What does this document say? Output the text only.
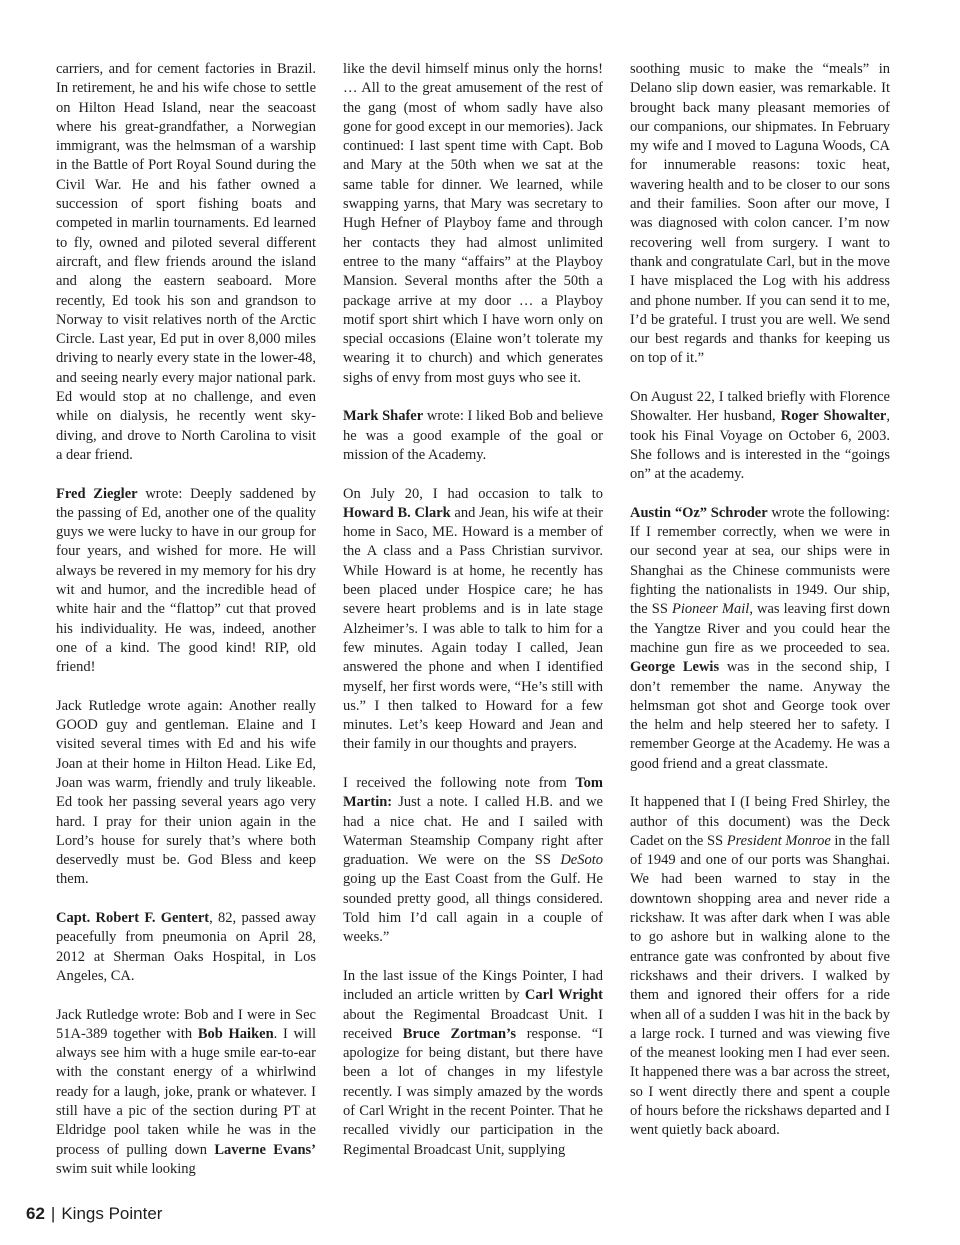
carriers, and for cement factories in Brazil. In retirement, he and his wife chose to settle on Hilton Head Island, near the seacoast where his great-grandfather, a Norwegian immigrant, was the helmsman of a warship in the Battle of Port Royal Sound during the Civil War. He and his father owned a succession of sport fishing boats and competed in marlin tournaments. Ed learned to fly, owned and piloted several different aircraft, and flew friends around the island and along the eastern seaboard. More recently, Ed took his son and grandson to Norway to visit relatives north of the Arctic Circle. Last year, Ed put in over 8,000 miles driving to nearly every state in the lower-48, and seeing nearly every major national park. Ed would stop at no challenge, and even while on dialysis, he recently went sky-diving, and drove to North Carolina to visit a dear friend.

Fred Ziegler wrote: Deeply saddened by the passing of Ed, another one of the quality guys we were lucky to have in our group for four years, and wished for more. He will always be revered in my memory for his dry wit and humor, and the incredible head of white hair and the “flattop” cut that proved his individuality. He was, indeed, another one of a kind. The good kind! RIP, old friend!

Jack Rutledge wrote again: Another really GOOD guy and gentleman. Elaine and I visited several times with Ed and his wife Joan at their home in Hilton Head. Like Ed, Joan was warm, friendly and truly likeable. Ed took her passing several years ago very hard. I pray for their union again in the Lord’s house for surely that’s where both deservedly must be. God Bless and keep them.

Capt. Robert F. Gentert, 82, passed away peacefully from pneumonia on April 28, 2012 at Sherman Oaks Hospital, in Los Angeles, CA.

Jack Rutledge wrote: Bob and I were in Sec 51A-389 together with Bob Haiken. I will always see him with a huge smile ear-to-ear with the constant energy of a whirlwind ready for a laugh, joke, prank or whatever. I still have a pic of the section during PT at Eldridge pool taken while he was in the process of pulling down Laverne Evans’ swim suit while looking

like the devil himself minus only the horns! … All to the great amusement of the rest of the gang (most of whom sadly have also gone for good except in our memories). Jack continued: I last spent time with Capt. Bob and Mary at the 50th when we sat at the same table for dinner. We learned, while swapping yarns, that Mary was secretary to Hugh Hefner of Playboy fame and through her contacts they had almost unlimited entree to the many “affairs” at the Playboy Mansion. Several months after the 50th a package arrive at my door … a Playboy motif sport shirt which I have worn only on special occasions (Elaine won’t tolerate my wearing it to church) and which generates sighs of envy from most guys who see it.

Mark Shafer wrote: I liked Bob and believe he was a good example of the goal or mission of the Academy.

On July 20, I had occasion to talk to Howard B. Clark and Jean, his wife at their home in Saco, ME. Howard is a member of the A class and a Pass Christian survivor. While Howard is at home, he recently has been placed under Hospice care; he has severe heart problems and is in late stage Alzheimer’s. I was able to talk to him for a few minutes. Again today I called, Jean answered the phone and when I identified myself, her first words were, “He’s still with us.” I then talked to Howard for a few minutes. Let’s keep Howard and Jean and their family in our thoughts and prayers.

I received the following note from Tom Martin: Just a note. I called H.B. and we had a nice chat. He and I sailed with Waterman Steamship Company right after graduation. We were on the SS DeSoto going up the East Coast from the Gulf. He sounded pretty good, all things considered. Told him I’d call again in a couple of weeks.”

In the last issue of the Kings Pointer, I had included an article written by Carl Wright about the Regimental Broadcast Unit. I received Bruce Zortman’s response. “I apologize for being distant, but there have been a lot of changes in my lifestyle recently. I was simply amazed by the words of Carl Wright in the recent Pointer. That he recalled vividly our participation in the Regimental Broadcast Unit, supplying

soothing music to make the “meals” in Delano slip down easier, was remarkable. It brought back many pleasant memories of our companions, our shipmates. In February my wife and I moved to Laguna Woods, CA for innumerable reasons: toxic heat, wavering health and to be closer to our sons and their families. Soon after our move, I was diagnosed with colon cancer. I’m now recovering well from surgery. I want to thank and congratulate Carl, but in the move I have misplaced the Log with his address and phone number. If you can send it to me, I’d be grateful. I trust you are well. We send our best regards and thanks for keeping us on top of it.”

On August 22, I talked briefly with Florence Showalter. Her husband, Roger Showalter, took his Final Voyage on October 6, 2003. She follows and is interested in the “goings on” at the academy.

Austin “Oz” Schroder wrote the following: If I remember correctly, when we were in our second year at sea, our ships were in Shanghai as the Chinese communists were fighting the nationalists in 1949. Our ship, the SS Pioneer Mail, was leaving first down the Yangtze River and you could hear the machine gun fire as we proceeded to sea. George Lewis was in the second ship, I don’t remember the name. Anyway the helmsman got shot and George took over the helm and help steered her to safety. I remember George at the Academy. He was a good friend and a great classmate.

It happened that I (I being Fred Shirley, the author of this document) was the Deck Cadet on the SS President Monroe in the fall of 1949 and one of our ports was Shanghai. We had been warned to stay in the downtown shopping area and never ride a rickshaw. It was after dark when I was able to go ashore but in walking alone to the entrance gate was confronted by about five rickshaws and their drivers. I walked by them and ignored their offers for a ride when all of a sudden I was hit in the back by a large rock. I turned and was viewing five of the meanest looking men I had ever seen. It happened there was a bar across the street, so I went directly there and spent a couple of hours before the rickshaws departed and I went quietly back aboard.

62 | Kings Pointer
